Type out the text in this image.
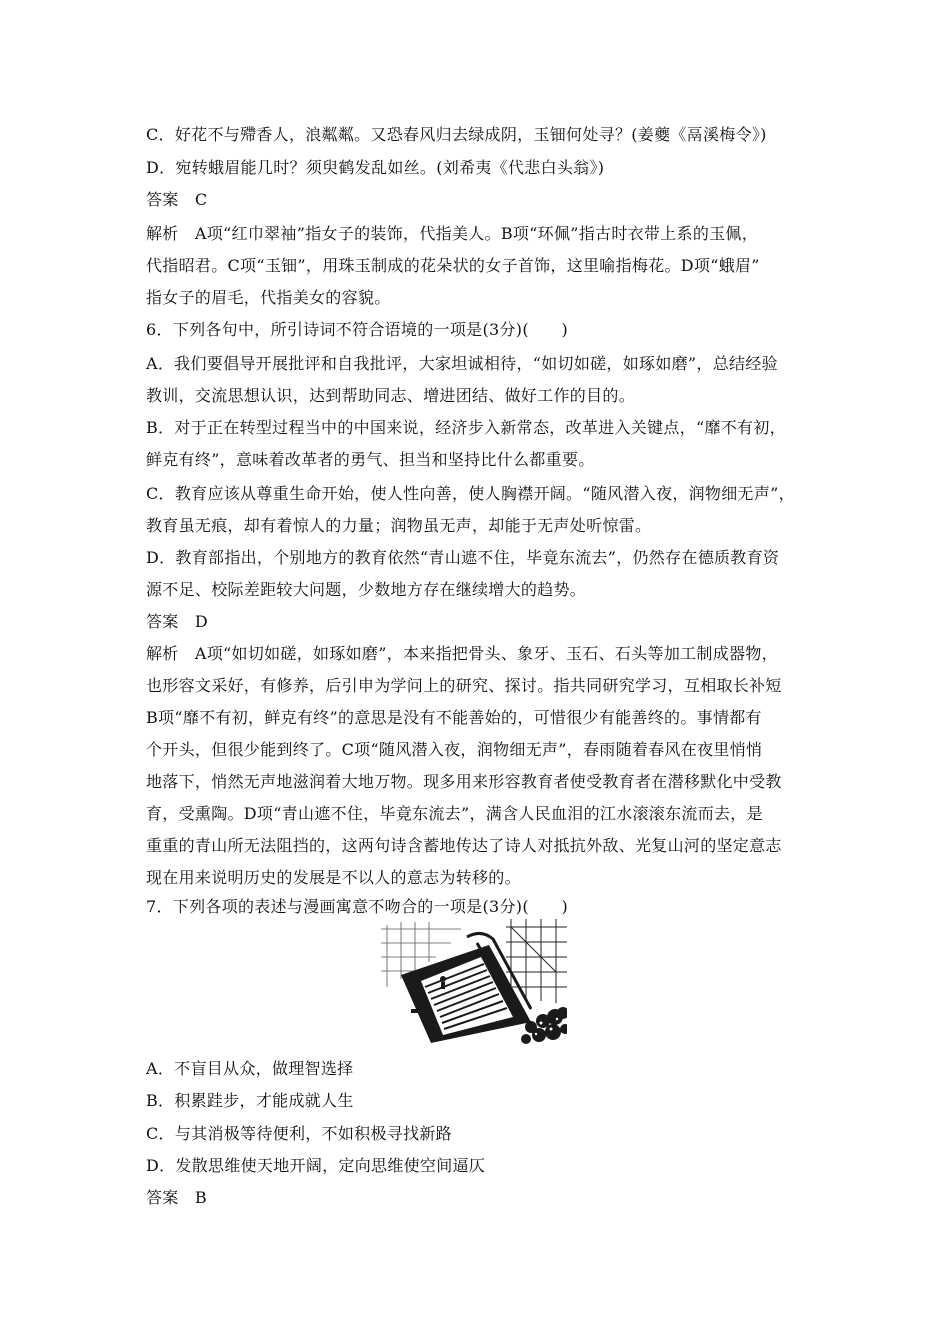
C．好花不与殢香人，浪粼粼。又恐春风归去绿成阴，玉钿何处寻？(姜夔《鬲溪梅令》)
D．宛转蛾眉能几时？须臾鹤发乱如丝。(刘希夷《代悲白头翁》)
答案　C
解析　A项“红巾翠袖”指女子的装饰，代指美人。B项“环佩”指古时衣带上系的玉佩，
代指昭君。C项“玉钿”，用珠玉制成的花朵状的女子首饰，这里喻指梅花。D项“蛾眉”
指女子的眉毛，代指美女的容貌。
6．下列各句中，所引诗词不符合语境的一项是(3分)(　　)
A．我们要倡导开展批评和自我批评，大家坦诚相待，“如切如磋，如琢如磨”，总结经验
教训，交流思想认识，达到帮助同志、增进团结、做好工作的目的。
B．对于正在转型过程当中的中国来说，经济步入新常态，改革进入关键点，“靡不有初，
鲜克有终”，意味着改革者的勇气、担当和坚持比什么都重要。
C．教育应该从尊重生命开始，使人性向善，使人胸襟开阔。“随风潜入夜，润物细无声”，
教育虽无痕，却有着惊人的力量；润物虽无声，却能于无声处听惊雷。
D．教育部指出，个别地方的教育依然“青山遮不住，毕竟东流去”，仍然存在德质教育资
源不足、校际差距较大问题，少数地方存在继续增大的趋势。
答案　D
解析　A项“如切如磋，如琢如磨”，本来指把骨头、象牙、玉石、石头等加工制成器物，
也形容文采好，有修养，后引申为学问上的研究、探讨。指共同研究学习，互相取长补短
B项“靡不有初，鲜克有终”的意思是没有不能善始的，可惜很少有能善终的。事情都有
个开头，但很少能到终了。C项“随风潜入夜，润物细无声”，春雨随着春风在夜里悄悄
地落下，悄然无声地滋润着大地万物。现多用来形容教育者使受教育者在潜移默化中受教
育，受熏陶。D项“青山遮不住，毕竟东流去”，满含人民血泪的江水滚滚东流而去，是
重重的青山所无法阻挡的，这两句诗含蓄地传达了诗人对抵抗外敌、光复山河的坚定意志
现在用来说明历史的发展是不以人的意志为转移的。
7．下列各项的表述与漫画寓意不吻合的一项是(3分)(　　)
A．不盲目从众，做理智选择
B．积累跬步，才能成就人生
C．与其消极等待便利，不如积极寻找新路
D．发散思维使天地开阔，定向思维使空间逼仄
答案　B
